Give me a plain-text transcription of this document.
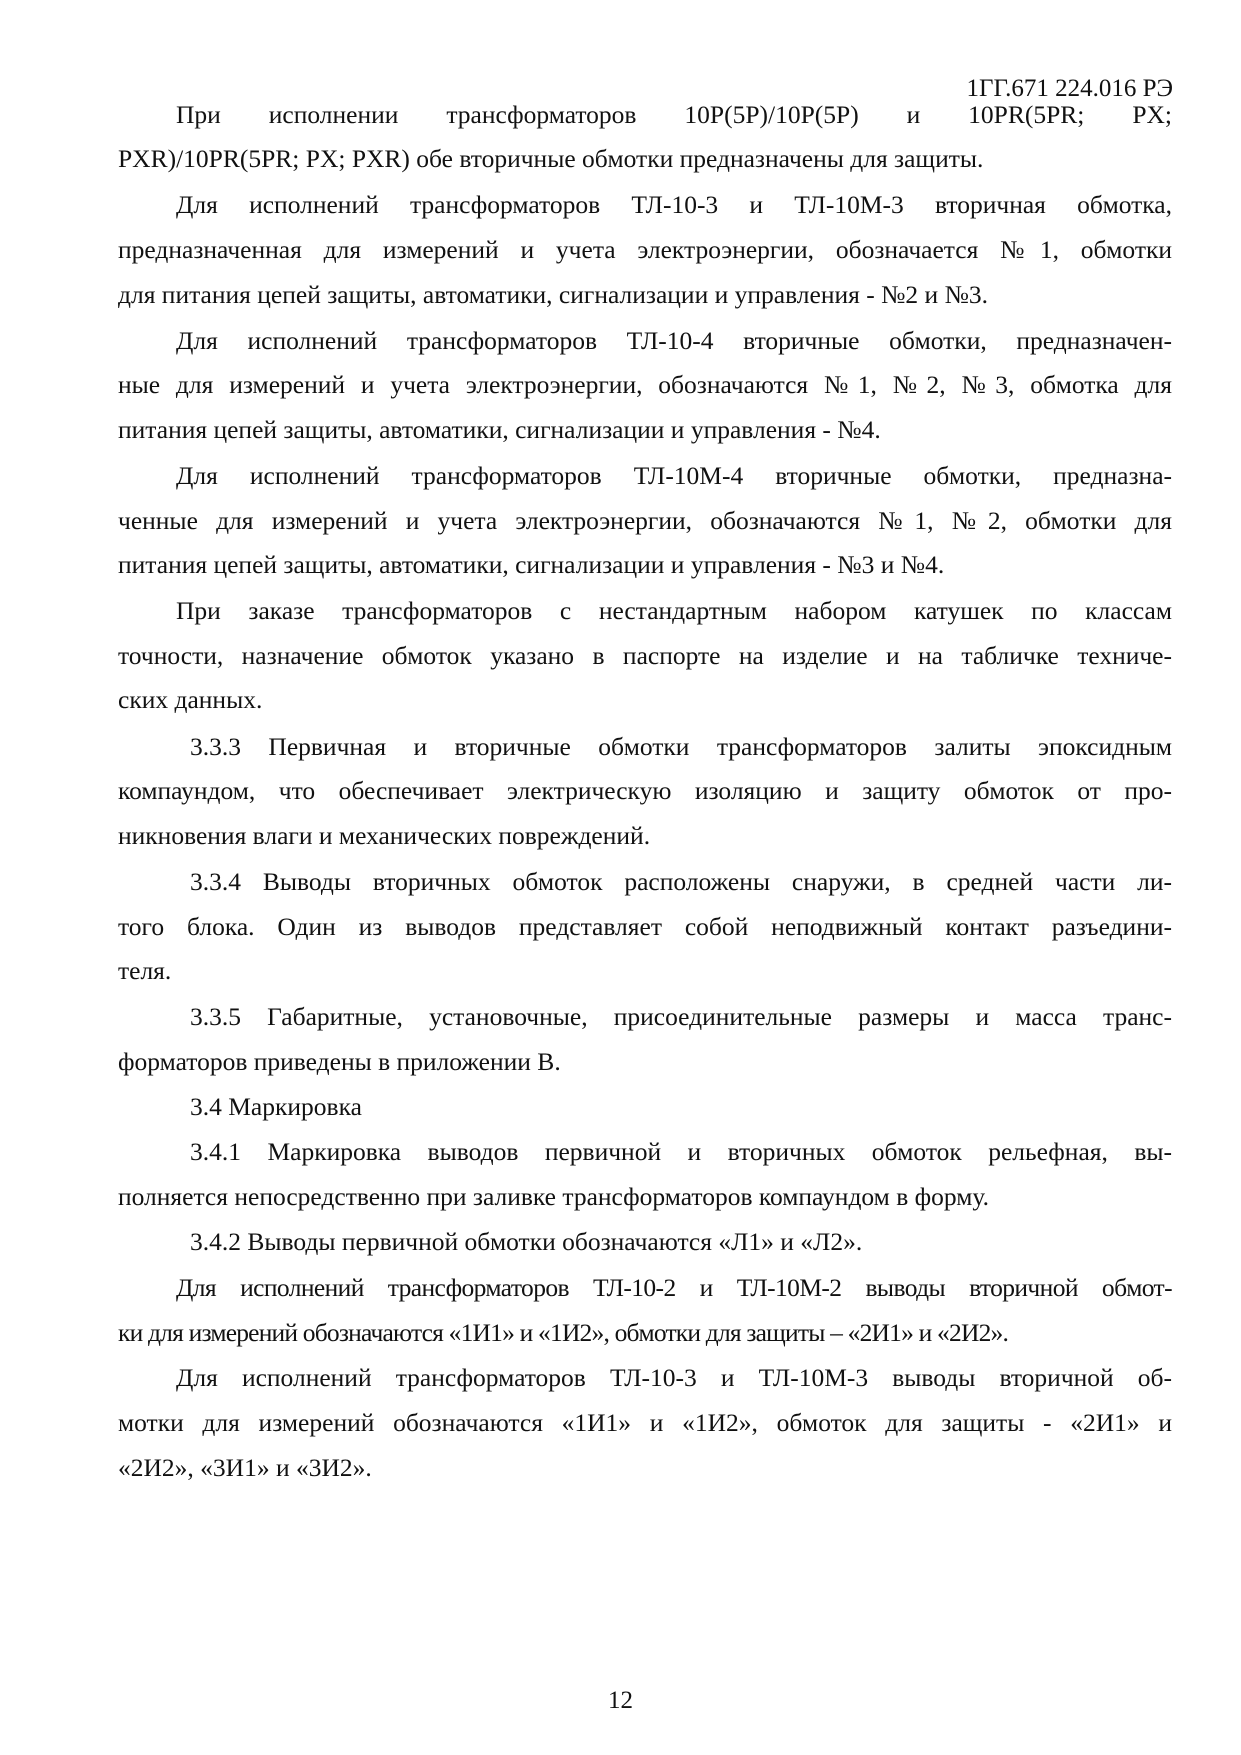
1ГГ.671 224.016 РЭ
При исполнении трансформаторов 10P(5P)/10P(5P) и 10PR(5PR; PX;
PXR)/10PR(5PR; PX; PXR) обе вторичные обмотки предназначены для защиты.
Для исполнений трансформаторов ТЛ-10-3 и ТЛ-10М-3 вторичная обмотка,
предназначенная для измерений и учета электроэнергии, обозначается №1, обмотки
для питания цепей защиты, автоматики, сигнализации и управления - №2 и №3.
Для исполнений трансформаторов ТЛ-10-4 вторичные обмотки, предназначен-
ные для измерений и учета электроэнергии, обозначаются №1, №2, №3, обмотка для
питания цепей защиты, автоматики, сигнализации и управления - №4.
Для исполнений трансформаторов ТЛ-10М-4 вторичные обмотки, предназна-
ченные для измерений и учета электроэнергии, обозначаются №1, №2, обмотки для
питания цепей защиты, автоматики, сигнализации и управления - №3 и №4.
При заказе трансформаторов с нестандартным набором катушек по классам
точности, назначение обмоток указано в паспорте на изделие и на табличке техниче-
ских данных.
3.3.3 Первичная и вторичные обмотки трансформаторов залиты эпоксидным
компаундом, что обеспечивает электрическую изоляцию и защиту обмоток от про-
никновения влаги и механических повреждений.
3.3.4 Выводы вторичных обмоток расположены снаружи, в средней части ли-
того блока. Один из выводов представляет собой неподвижный контакт разъедини-
теля.
3.3.5 Габаритные, установочные, присоединительные размеры и масса транс-
форматоров приведены в приложении В.
3.4 Маркировка
3.4.1 Маркировка выводов первичной и вторичных обмоток рельефная, вы-
полняется непосредственно при заливке трансформаторов компаундом в форму.
3.4.2 Выводы первичной обмотки обозначаются «Л1» и «Л2».
Для исполнений трансформаторов ТЛ-10-2 и ТЛ-10М-2 выводы вторичной обмот-
ки для измерений обозначаются «1И1» и «1И2», обмотки для защиты – «2И1» и «2И2».
Для исполнений трансформаторов ТЛ-10-3 и ТЛ-10М-3 выводы вторичной об-
мотки для измерений обозначаются «1И1» и «1И2», обмоток для защиты - «2И1» и
«2И2», «3И1» и «3И2».
12
